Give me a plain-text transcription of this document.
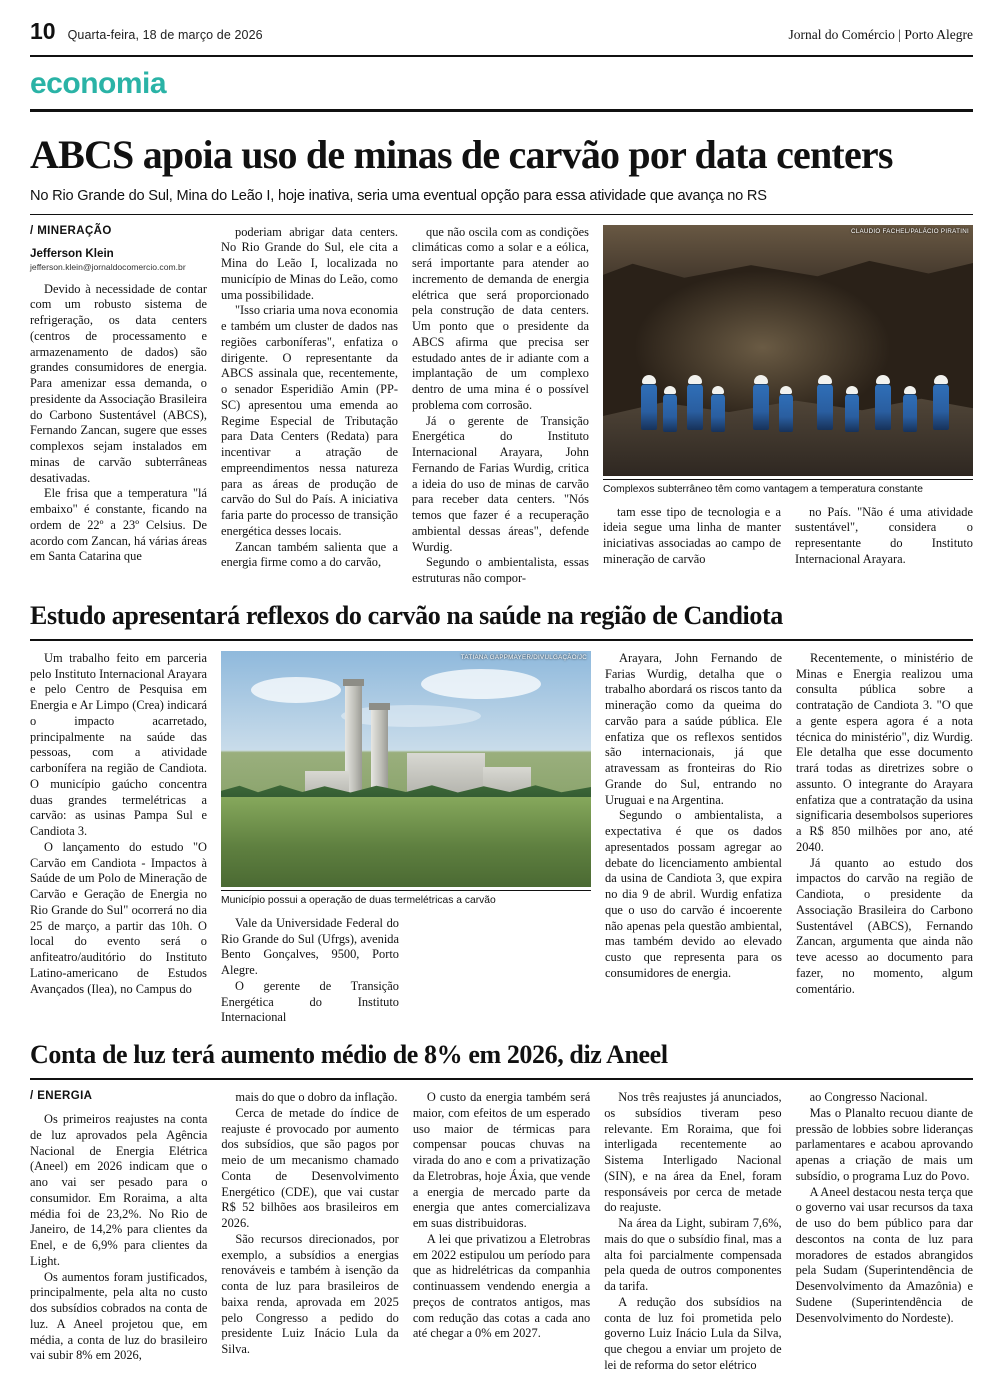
10 Quarta-feira, 18 de março de 2026	Jornal do Comércio | Porto Alegre
economia
ABCS apoia uso de minas de carvão por data centers
No Rio Grande do Sul, Mina do Leão I, hoje inativa, seria uma eventual opção para essa atividade que avança no RS
/ MINERAÇÃO
Jefferson Klein
jefferson.klein@jornaldocomercio.com.br

Devido à necessidade de contar com um robusto sistema de refrigeração, os data centers (centros de processamento e armazenamento de dados) são grandes consumidores de energia. Para amenizar essa demanda, o presidente da Associação Brasileira do Carbono Sustentável (ABCS), Fernando Zancan, sugere que esses complexos sejam instalados em minas de carvão subterrâneas desativadas.

Ele frisa que a temperatura "lá embaixo" é constante, ficando na ordem de 22º a 23º Celsius. De acordo com Zancan, há várias áreas em Santa Catarina que

poderiam abrigar data centers. No Rio Grande do Sul, ele cita a Mina do Leão I, localizada no município de Minas do Leão, como uma possibilidade.

"Isso criaria uma nova economia e também um cluster de dados nas regiões carboníferas", enfatiza o dirigente. O representante da ABCS assinala que, recentemente, o senador Esperidião Amin (PP-SC) apresentou uma emenda ao Regime Especial de Tributação para Data Centers (Redata) para incentivar a atração de empreendimentos nessa natureza para as áreas de produção de carvão do Sul do País. A iniciativa faria parte do processo de transição energética desses locais.

Zancan também salienta que a energia firme como a do carvão,

que não oscila com as condições climáticas como a solar e a eólica, será importante para atender ao incremento de demanda de energia elétrica que será proporcionado pela construção de data centers. Um ponto que o presidente da ABCS afirma que precisa ser estudado antes de ir adiante com a implantação de um complexo dentro de uma mina é o possível problema com corrosão.

Já o gerente de Transição Energética do Instituto Internacional Arayara, John Fernando de Farias Wurdig, critica a ideia do uso de minas de carvão para receber data centers. "Nós temos que fazer é a recuperação ambiental dessas áreas", defende Wurdig.

Segundo o ambientalista, essas estruturas não compor-

CLAUDIO FACHEL/PALÁCIO PIRATINI
Complexos subterrâneo têm como vantagem a temperatura constante

tam esse tipo de tecnologia e a ideia segue uma linha de manter iniciativas associadas ao campo de mineração de carvão

no País. "Não é uma atividade sustentável", considera o representante do Instituto Internacional Arayara.

Estudo apresentará reflexos do carvão na saúde na região de Candiota

Um trabalho feito em parceria pelo Instituto Internacional Arayara e pelo Centro de Pesquisa em Energia e Ar Limpo (Crea) indicará o impacto acarretado, principalmente na saúde das pessoas, com a atividade carbonífera na região de Candiota. O município gaúcho concentra duas grandes termelétricas a carvão: as usinas Pampa Sul e Candiota 3.

O lançamento do estudo "O Carvão em Candiota - Impactos à Saúde de um Polo de Mineração de Carvão e Geração de Energia no Rio Grande do Sul" ocorrerá no dia 25 de março, a partir das 10h. O local do evento será o anfiteatro/auditório do Instituto Latino-americano de Estudos Avançados (Ilea), no Campus do

TATIANA GAPPMAYER/DIVULGAÇÃO/JC
Município possui a operação de duas termelétricas a carvão

Vale da Universidade Federal do Rio Grande do Sul (Ufrgs), avenida Bento Gonçalves, 9500, Porto Alegre.

O gerente de Transição Energética do Instituto Internacional

Arayara, John Fernando de Farias Wurdig, detalha que o trabalho abordará os riscos tanto da mineração como da queima do carvão para a saúde pública. Ele enfatiza que os reflexos sentidos são internacionais, já que atravessam as fronteiras do Rio Grande do Sul, entrando no Uruguai e na Argentina.

Segundo o ambientalista, a expectativa é que os dados apresentados possam agregar ao debate do licenciamento ambiental da usina de Candiota 3, que expira no dia 9 de abril. Wurdig enfatiza que o uso do carvão é incoerente não apenas pela questão ambiental, mas também devido ao elevado custo que representa para os consumidores de energia.

Recentemente, o ministério de Minas e Energia realizou uma consulta pública sobre a contratação de Candiota 3. "O que a gente espera agora é a nota técnica do ministério", diz Wurdig. Ele detalha que esse documento trará todas as diretrizes sobre o assunto. O integrante do Arayara enfatiza que a contratação da usina significaria desembolsos superiores a R$ 850 milhões por ano, até 2040.

Já quanto ao estudo dos impactos do carvão na região de Candiota, o presidente da Associação Brasileira do Carbono Sustentável (ABCS), Fernando Zancan, argumenta que ainda não teve acesso ao documento para fazer, no momento, algum comentário.

Conta de luz terá aumento médio de 8% em 2026, diz Aneel
/ ENERGIA

Os primeiros reajustes na conta de luz aprovados pela Agência Nacional de Energia Elétrica (Aneel) em 2026 indicam que o ano vai ser pesado para o consumidor. Em Roraima, a alta média foi de 23,2%. No Rio de Janeiro, de 14,2% para clientes da Enel, e de 6,9% para clientes da Light.

Os aumentos foram justificados, principalmente, pela alta no custo dos subsídios cobrados na conta de luz. A Aneel projetou que, em média, a conta de luz do brasileiro vai subir 8% em 2026,

mais do que o dobro da inflação.

Cerca de metade do índice de reajuste é provocado por aumento dos subsídios, que são pagos por meio de um mecanismo chamado Conta de Desenvolvimento Energético (CDE), que vai custar R$ 52 bilhões aos brasileiros em 2026.

São recursos direcionados, por exemplo, a subsídios a energias renováveis e também à isenção da conta de luz para brasileiros de baixa renda, aprovada em 2025 pelo Congresso a pedido do presidente Luiz Inácio Lula da Silva.

O custo da energia também será maior, com efeitos de um esperado uso maior de térmicas para compensar poucas chuvas na virada do ano e com a privatização da Eletrobras, hoje Áxia, que vende a energia de mercado parte da energia que antes comercializava em suas distribuidoras.

A lei que privatizou a Eletrobras em 2022 estipulou um período para que as hidrelétricas da companhia continuassem vendendo energia a preços de contratos antigos, mas com redução das cotas a cada ano até chegar a 0% em 2027.

Nos três reajustes já anunciados, os subsídios tiveram peso relevante. Em Roraima, que foi interligada recentemente ao Sistema Interligado Nacional (SIN), e na área da Enel, foram responsáveis por cerca de metade do reajuste.

Na área da Light, subiram 7,6%, mais do que o subsídio final, mas a alta foi parcialmente compensada pela queda de outros componentes da tarifa.

A redução dos subsídios na conta de luz foi prometida pelo governo Luiz Inácio Lula da Silva, que chegou a enviar um projeto de lei de reforma do setor elétrico

ao Congresso Nacional.

Mas o Planalto recuou diante de pressão de lobbies sobre lideranças parlamentares e acabou aprovando apenas a criação de mais um subsídio, o programa Luz do Povo.

A Aneel destacou nesta terça que o governo vai usar recursos da taxa de uso do bem público para dar descontos na conta de luz para moradores de estados abrangidos pela Sudam (Superintendência de Desenvolvimento da Amazônia) e Sudene (Superintendência de Desenvolvimento do Nordeste).
